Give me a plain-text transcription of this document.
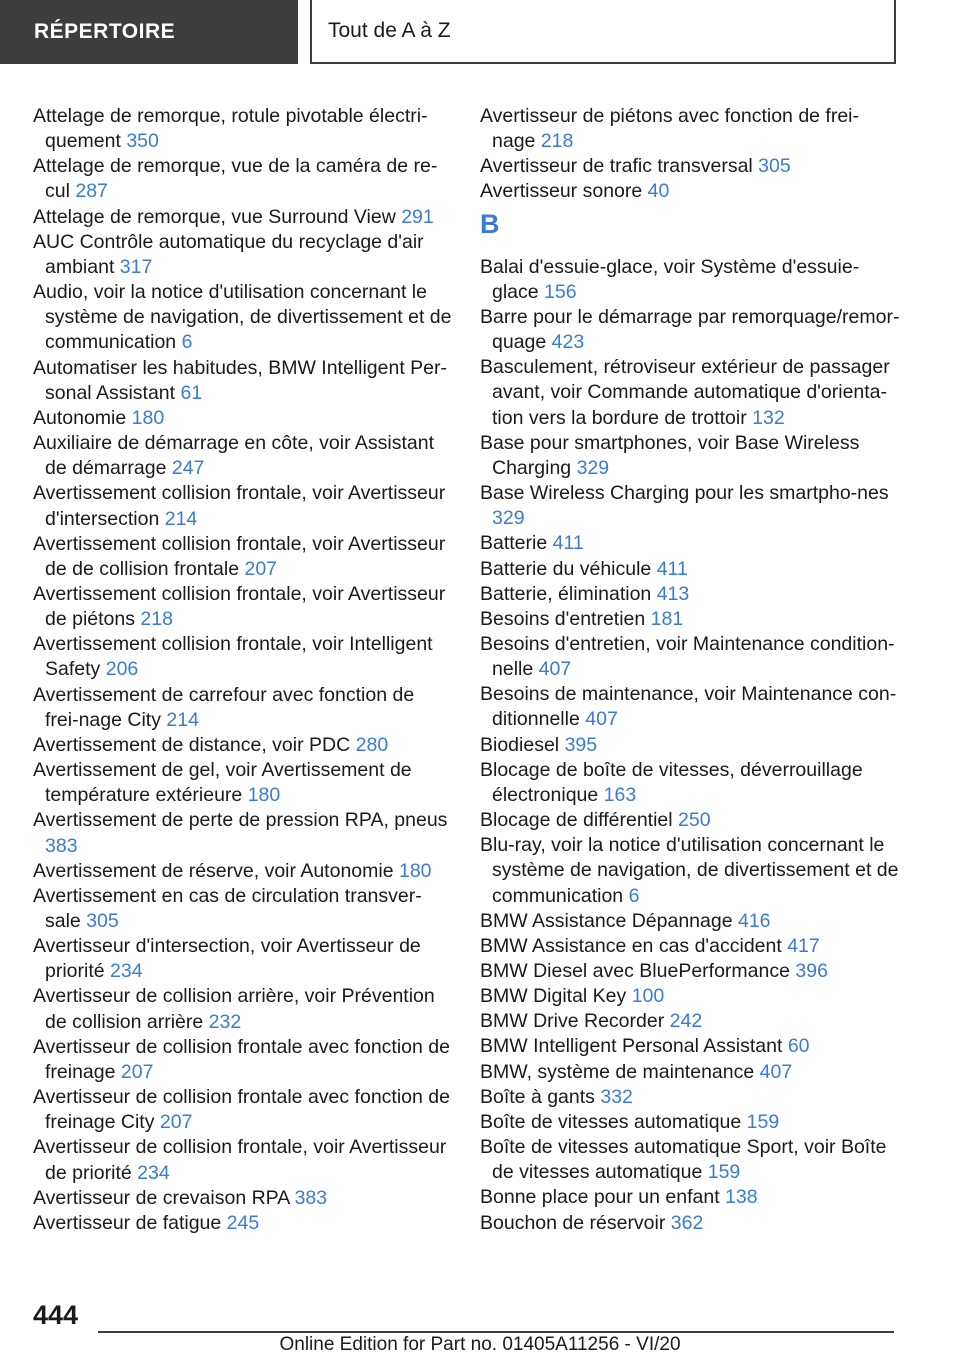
RÉPERTOIRE	Tout de A à Z
Attelage de remorque, rotule pivotable électri-quement 350
Attelage de remorque, vue de la caméra de re-cul 287
Attelage de remorque, vue Surround View 291
AUC Contrôle automatique du recyclage d'air ambiant 317
Audio, voir la notice d'utilisation concernant le système de navigation, de divertissement et de communication 6
Automatiser les habitudes, BMW Intelligent Per-sonal Assistant 61
Autonomie 180
Auxiliaire de démarrage en côte, voir Assistant de démarrage 247
Avertissement collision frontale, voir Avertisseur d'intersection 214
Avertissement collision frontale, voir Avertisseur de de collision frontale 207
Avertissement collision frontale, voir Avertisseur de piétons 218
Avertissement collision frontale, voir Intelligent Safety 206
Avertissement de carrefour avec fonction de frei-nage City 214
Avertissement de distance, voir PDC 280
Avertissement de gel, voir Avertissement de température extérieure 180
Avertissement de perte de pression RPA, pneus 383
Avertissement de réserve, voir Autonomie 180
Avertissement en cas de circulation transver-sale 305
Avertisseur d'intersection, voir Avertisseur de priorité 234
Avertisseur de collision arrière, voir Prévention de collision arrière 232
Avertisseur de collision frontale avec fonction de freinage 207
Avertisseur de collision frontale avec fonction de freinage City 207
Avertisseur de collision frontale, voir Avertisseur de priorité 234
Avertisseur de crevaison RPA 383
Avertisseur de fatigue 245
Avertisseur de piétons avec fonction de frei-nage 218
Avertisseur de trafic transversal 305
Avertisseur sonore 40
B
Balai d'essuie-glace, voir Système d'essuie-glace 156
Barre pour le démarrage par remorquage/remor-quage 423
Basculement, rétroviseur extérieur de passager avant, voir Commande automatique d'orienta-tion vers la bordure de trottoir 132
Base pour smartphones, voir Base Wireless Charging 329
Base Wireless Charging pour les smartpho-nes 329
Batterie 411
Batterie du véhicule 411
Batterie, élimination 413
Besoins d'entretien 181
Besoins d'entretien, voir Maintenance condition-nelle 407
Besoins de maintenance, voir Maintenance con-ditionnelle 407
Biodiesel 395
Blocage de boîte de vitesses, déverrouillage électronique 163
Blocage de différentiel 250
Blu-ray, voir la notice d'utilisation concernant le système de navigation, de divertissement et de communication 6
BMW Assistance Dépannage 416
BMW Assistance en cas d'accident 417
BMW Diesel avec BluePerformance 396
BMW Digital Key 100
BMW Drive Recorder 242
BMW Intelligent Personal Assistant 60
BMW, système de maintenance 407
Boîte à gants 332
Boîte de vitesses automatique 159
Boîte de vitesses automatique Sport, voir Boîte de vitesses automatique 159
Bonne place pour un enfant 138
Bouchon de réservoir 362
444
Online Edition for Part no. 01405A11256 - VI/20
